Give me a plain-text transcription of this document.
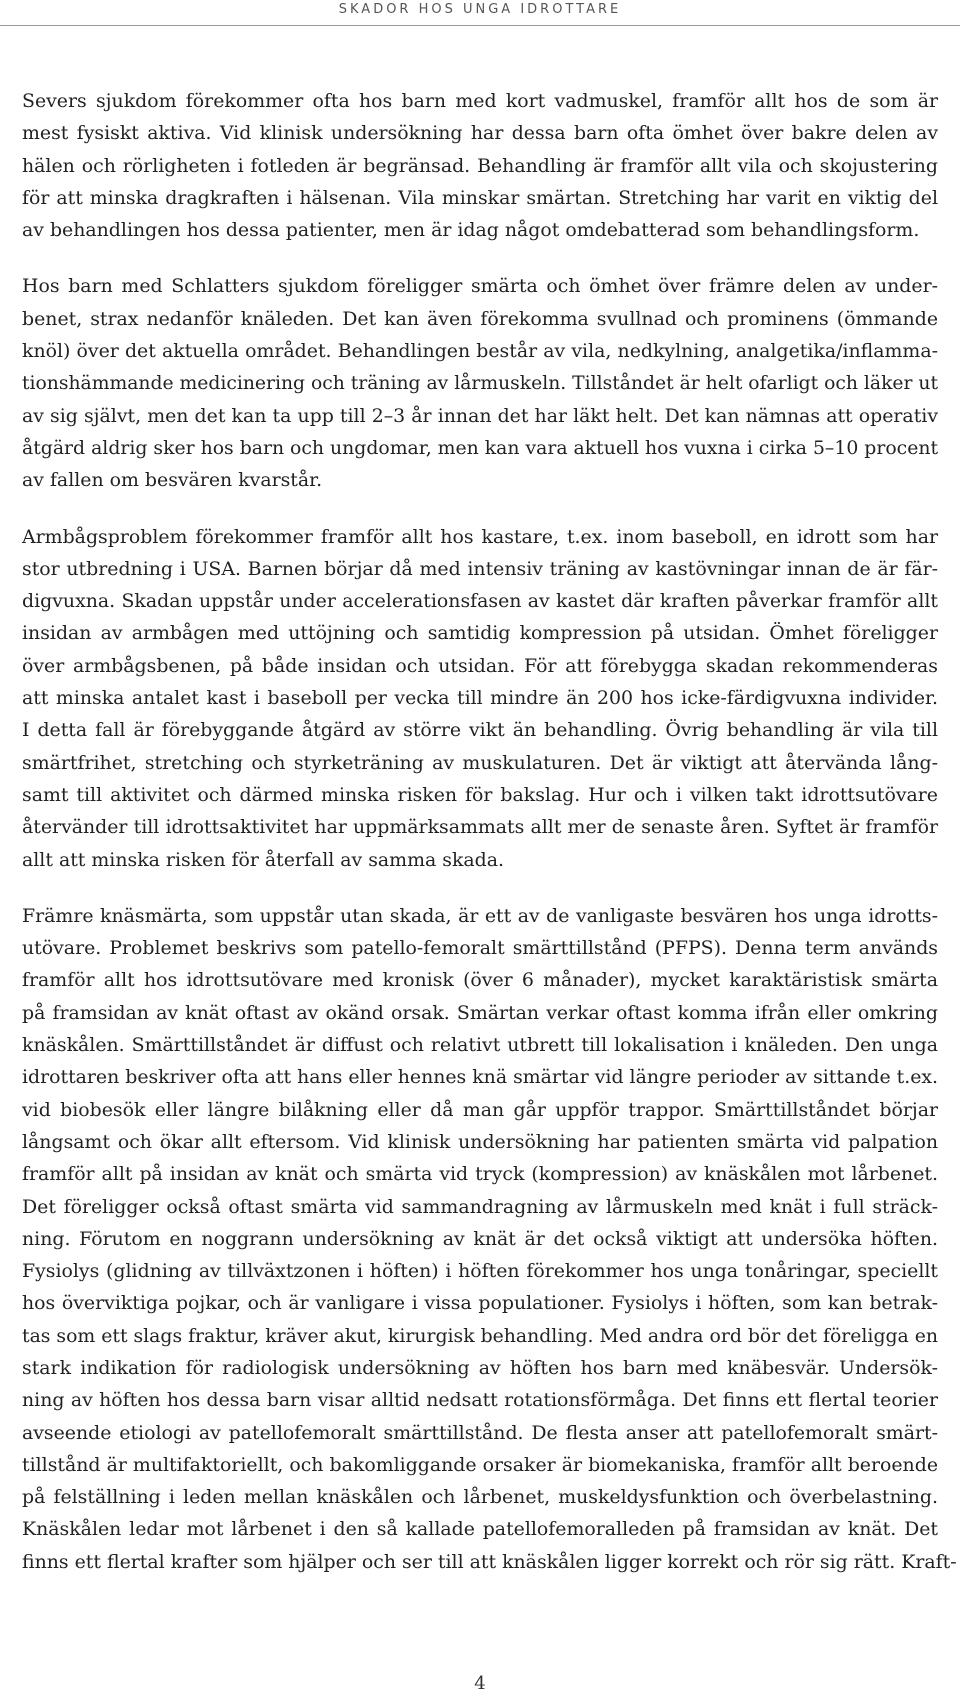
SKADOR HOS UNGA IDROTTARE

Severs sjukdom förekommer ofta hos barn med kort vadmuskel, framför allt hos de som är
mest fysiskt aktiva. Vid klinisk undersökning har dessa barn ofta ömhet över bakre delen av
hälen och rörligheten i fotleden är begränsad. Behandling är framför allt vila och skojustering
för att minska dragkraften i hälsenan. Vila minskar smärtan. Stretching har varit en viktig del
av behandlingen hos dessa patienter, men är idag något omdebatterad som behandlingsform.

Hos barn med Schlatters sjukdom föreligger smärta och ömhet över främre delen av under-
benet, strax nedanför knäleden. Det kan även förekomma svullnad och prominens (ömmande
knöl) över det aktuella området. Behandlingen består av vila, nedkylning, analgetika/inflamma-
tionshämmande medicinering och träning av lårmuskeln. Tillståndet är helt ofarligt och läker ut
av sig självt, men det kan ta upp till 2–3 år innan det har läkt helt. Det kan nämnas att operativ
åtgärd aldrig sker hos barn och ungdomar, men kan vara aktuell hos vuxna i cirka 5–10 procent
av fallen om besvären kvarstår.

Armbågsproblem förekommer framför allt hos kastare, t.ex. inom baseboll, en idrott som har
stor utbredning i USA. Barnen börjar då med intensiv träning av kastövningar innan de är fär-
digvuxna. Skadan uppstår under accelerationsfasen av kastet där kraften påverkar framför allt
insidan av armbågen med uttöjning och samtidig kompression på utsidan. Ömhet föreligger
över armbågsbenen, på både insidan och utsidan. För att förebygga skadan rekommenderas
att minska antalet kast i baseboll per vecka till mindre än 200 hos icke-färdigvuxna individer.
I detta fall är förebyggande åtgärd av större vikt än behandling. Övrig behandling är vila till
smärtfrihet, stretching och styrketräning av muskulaturen. Det är viktigt att återvända lång-
samt till aktivitet och därmed minska risken för bakslag. Hur och i vilken takt idrottsutövare
återvänder till idrottsaktivitet har uppmärksammats allt mer de senaste åren. Syftet är framför
allt att minska risken för återfall av samma skada.

Främre knäsmärta, som uppstår utan skada, är ett av de vanligaste besvären hos unga idrotts-
utövare. Problemet beskrivs som patello-femoralt smärttillstånd (PFPS). Denna term används
framför allt hos idrottsutövare med kronisk (över 6 månader), mycket karaktäristisk smärta
på framsidan av knät oftast av okänd orsak. Smärtan verkar oftast komma ifrån eller omkring
knäskålen. Smärttillståndet är diffust och relativt utbrett till lokalisation i knäleden. Den unga
idrottaren beskriver ofta att hans eller hennes knä smärtar vid längre perioder av sittande t.ex.
vid biobesök eller längre bilåkning eller då man går uppför trappor. Smärttillståndet börjar
långsamt och ökar allt eftersom. Vid klinisk undersökning har patienten smärta vid palpation
framför allt på insidan av knät och smärta vid tryck (kompression) av knäskålen mot lårbenet.
Det föreligger också oftast smärta vid sammandragning av lårmuskeln med knät i full sträck-
ning. Förutom en noggrann undersökning av knät är det också viktigt att undersöka höften.
Fysiolys (glidning av tillväxtzonen i höften) i höften förekommer hos unga tonåringar, speciellt
hos överviktiga pojkar, och är vanligare i vissa populationer. Fysiolys i höften, som kan betrak-
tas som ett slags fraktur, kräver akut, kirurgisk behandling. Med andra ord bör det föreligga en
stark indikation för radiologisk undersökning av höften hos barn med knäbesvär. Undersök-
ning av höften hos dessa barn visar alltid nedsatt rotationsförmåga. Det finns ett flertal teorier
avseende etiologi av patellofemoralt smärttillstånd. De flesta anser att patellofemoralt smärt-
tillstånd är multifaktoriellt, och bakomliggande orsaker är biomekaniska, framför allt beroende
på felställning i leden mellan knäskålen och lårbenet, muskeldysfunktion och överbelastning.
Knäskålen ledar mot lårbenet i den så kallade patellofemoralleden på framsidan av knät. Det
finns ett flertal krafter som hjälper och ser till att knäskålen ligger korrekt och rör sig rätt. Kraft-

4
